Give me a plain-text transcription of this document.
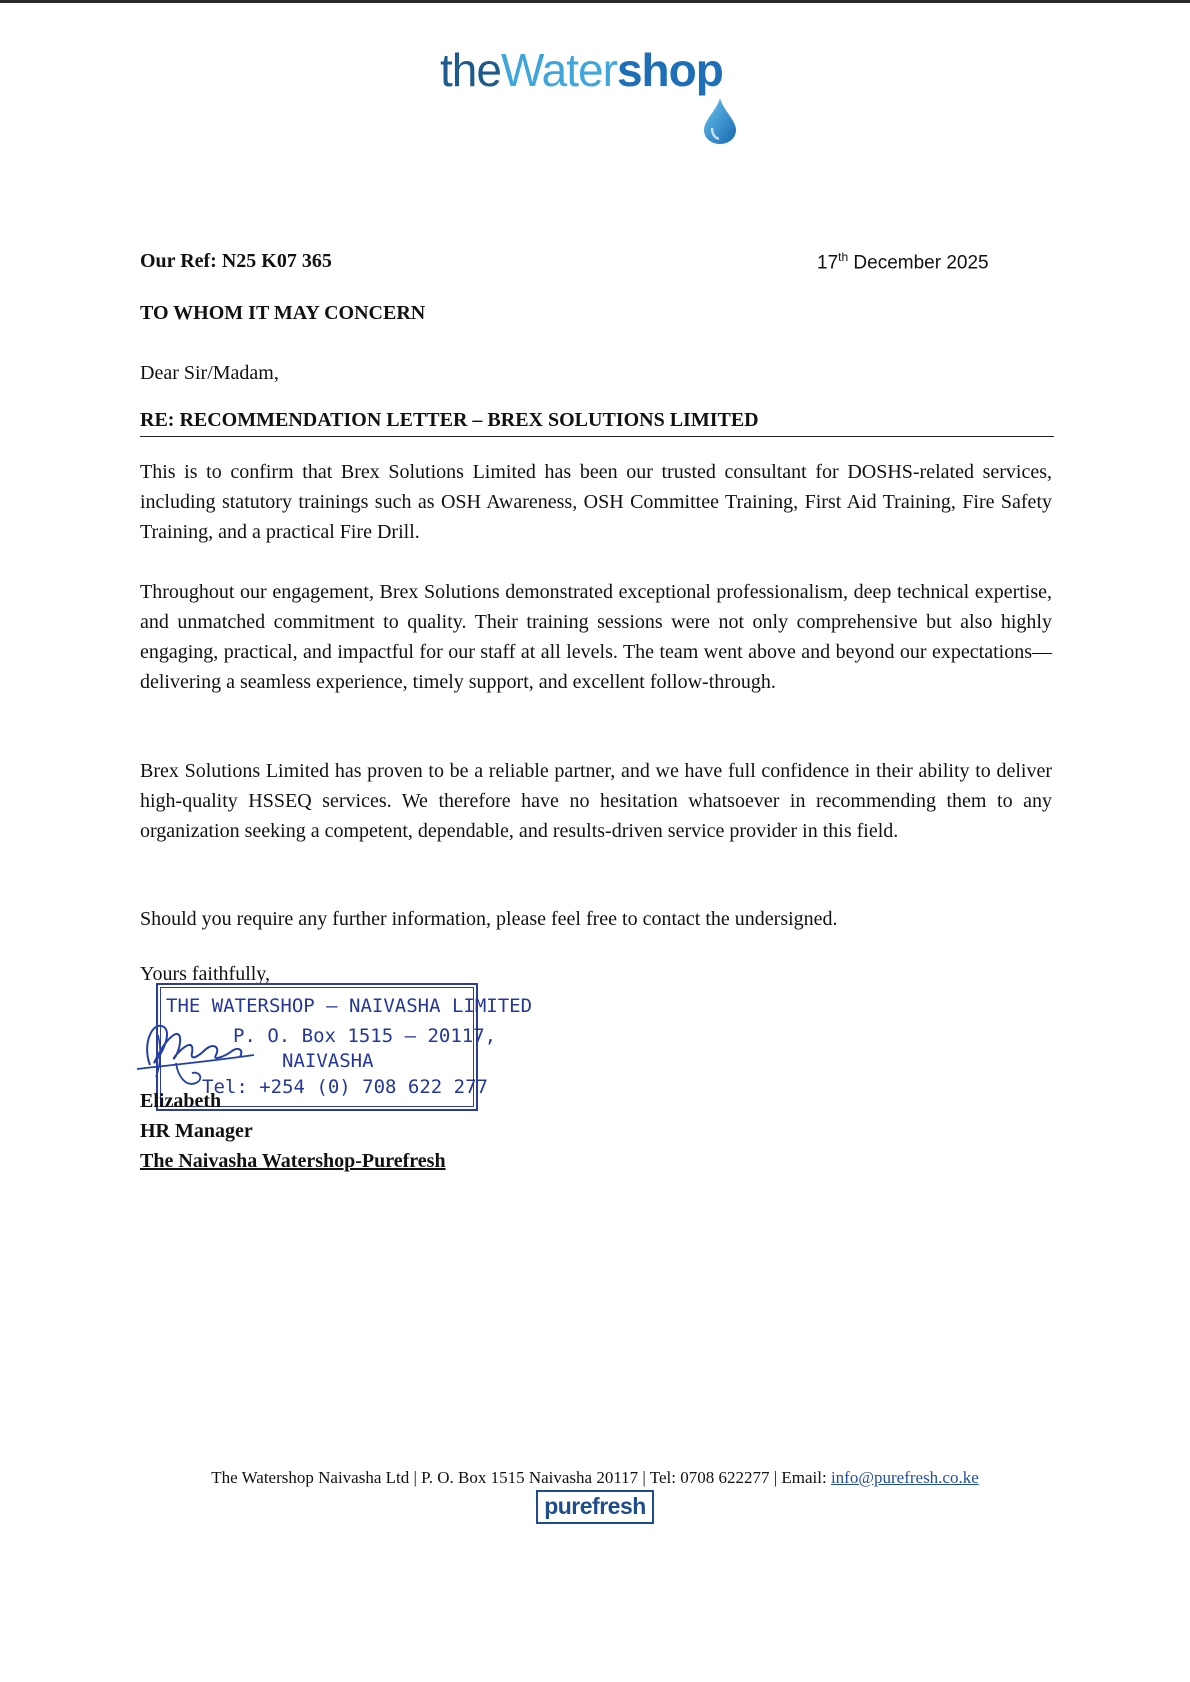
theWatershop
Our Ref: N25 K07 365	17th December 2025
TO WHOM IT MAY CONCERN
Dear Sir/Madam,
RE: RECOMMENDATION LETTER – BREX SOLUTIONS LIMITED
This is to confirm that Brex Solutions Limited has been our trusted consultant for DOSHS-related services, including statutory trainings such as OSH Awareness, OSH Committee Training, First Aid Training, Fire Safety Training, and a practical Fire Drill.
Throughout our engagement, Brex Solutions demonstrated exceptional professionalism, deep technical expertise, and unmatched commitment to quality. Their training sessions were not only comprehensive but also highly engaging, practical, and impactful for our staff at all levels. The team went above and beyond our expectations—delivering a seamless experience, timely support, and excellent follow-through.
Brex Solutions Limited has proven to be a reliable partner, and we have full confidence in their ability to deliver high-quality HSSEQ services. We therefore have no hesitation whatsoever in recommending them to any organization seeking a competent, dependable, and results-driven service provider in this field.
Should you require any further information, please feel free to contact the undersigned.
Yours faithfully,
THE WATERSHOP – NAIVASHA LIMITED
P. O. Box 1515 – 20117,
NAIVASHA
Tel: +254 (0) 708 622 277
Elizabeth
HR Manager
The Naivasha Watershop-Purefresh
The Watershop Naivasha Ltd | P. O. Box 1515 Naivasha 20117 | Tel: 0708 622277 | Email: info@purefresh.co.ke
purefresh
